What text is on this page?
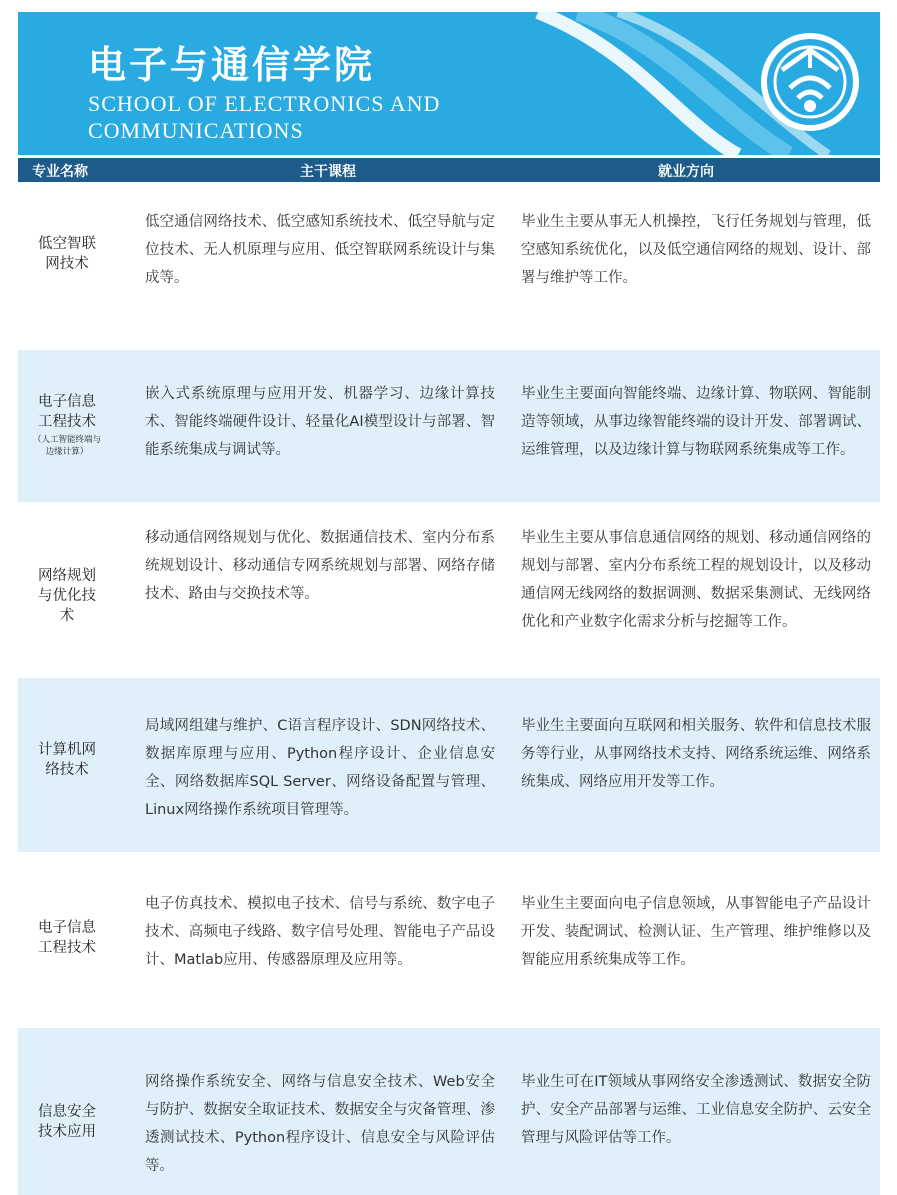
电子与通信学院
SCHOOL OF ELECTRONICS AND COMMUNICATIONS
专业名称	主干课程	就业方向
低空智联网技术
低空通信网络技术、低空感知系统技术、低空导航与定位技术、无人机原理与应用、低空智联网系统设计与集成等。
毕业生主要从事无人机操控，飞行任务规划与管理，低空感知系统优化，以及低空通信网络的规划、设计、部署与维护等工作。
电子信息工程技术
（人工智能终端与边缘计算）
嵌入式系统原理与应用开发、机器学习、边缘计算技术、智能终端硬件设计、轻量化AI模型设计与部署、智能系统集成与调试等。
毕业生主要面向智能终端、边缘计算、物联网、智能制造等领域，从事边缘智能终端的设计开发、部署调试、运维管理，以及边缘计算与物联网系统集成等工作。
网络规划与优化技术
移动通信网络规划与优化、数据通信技术、室内分布系统规划设计、移动通信专网系统规划与部署、网络存储技术、路由与交换技术等。
毕业生主要从事信息通信网络的规划、移动通信网络的规划与部署、室内分布系统工程的规划设计，以及移动通信网无线网络的数据调测、数据采集测试、无线网络优化和产业数字化需求分析与挖掘等工作。
计算机网络技术
局域网组建与维护、C语言程序设计、SDN网络技术、数据库原理与应用、Python程序设计、企业信息安全、网络数据库SQL Server、网络设备配置与管理、Linux网络操作系统项目管理等。
毕业生主要面向互联网和相关服务、软件和信息技术服务等行业，从事网络技术支持、网络系统运维、网络系统集成、网络应用开发等工作。
电子信息工程技术
电子仿真技术、模拟电子技术、信号与系统、数字电子技术、高频电子线路、数字信号处理、智能电子产品设计、Matlab应用、传感器原理及应用等。
毕业生主要面向电子信息领域，从事智能电子产品设计开发、装配调试、检测认证、生产管理、维护维修以及智能应用系统集成等工作。
信息安全技术应用
网络操作系统安全、网络与信息安全技术、Web安全与防护、数据安全取证技术、数据安全与灾备管理、渗透测试技术、Python程序设计、信息安全与风险评估等。
毕业生可在IT领域从事网络安全渗透测试、数据安全防护、安全产品部署与运维、工业信息安全防护、云安全管理与风险评估等工作。
